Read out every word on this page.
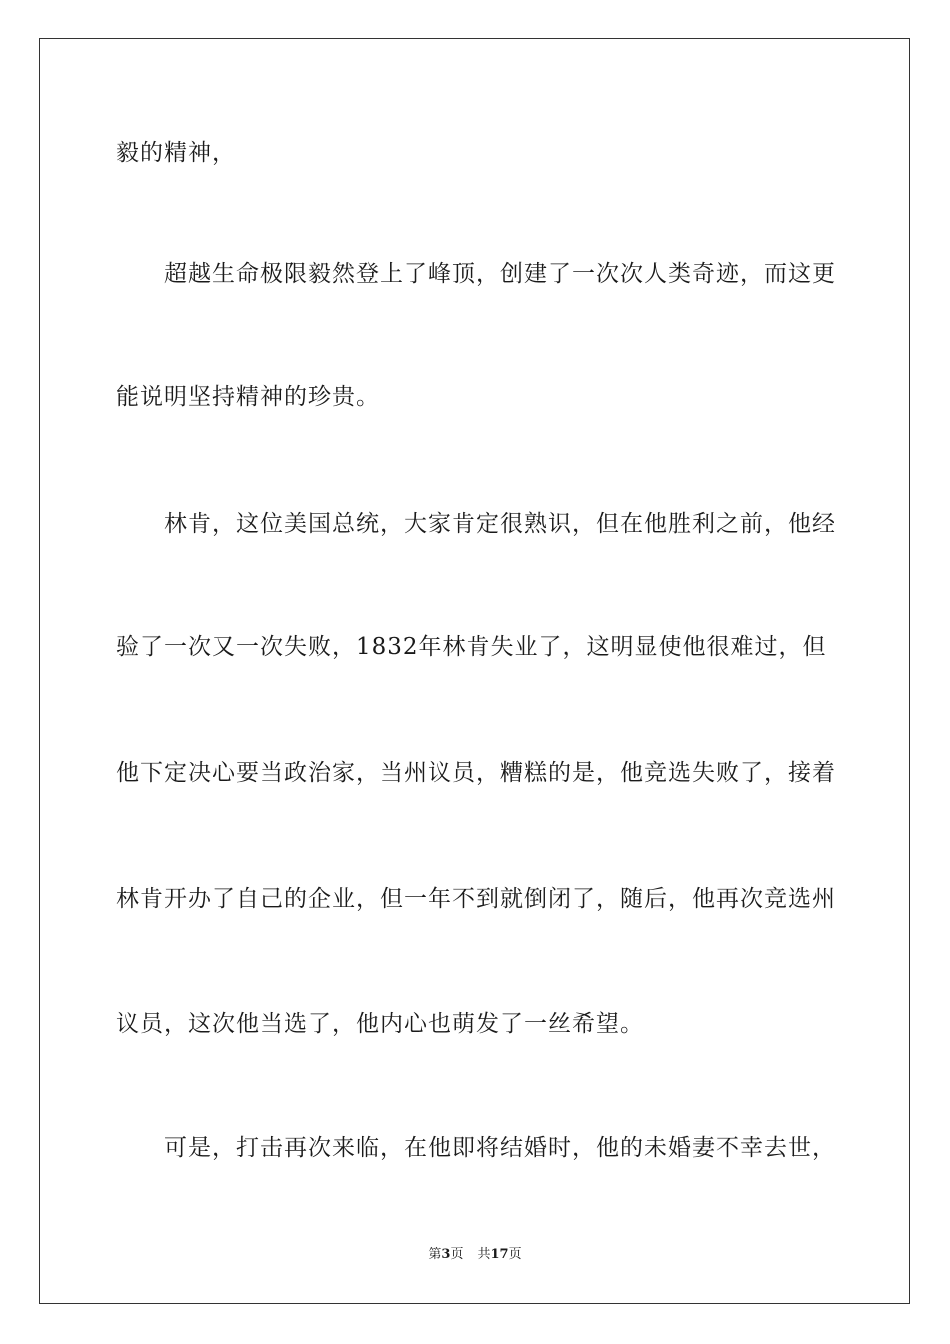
毅的精神，
超越生命极限毅然登上了峰顶，创建了一次次人类奇迹，而这更
能说明坚持精神的珍贵。
林肯，这位美国总统，大家肯定很熟识，但在他胜利之前，他经
验了一次又一次失败，1832年林肯失业了，这明显使他很难过，但
他下定决心要当政治家，当州议员，糟糕的是，他竞选失败了，接着
林肯开办了自己的企业，但一年不到就倒闭了，随后，他再次竞选州
议员，这次他当选了，他内心也萌发了一丝希望。
可是，打击再次来临，在他即将结婚时，他的未婚妻不幸去世，
第3页 共17页
